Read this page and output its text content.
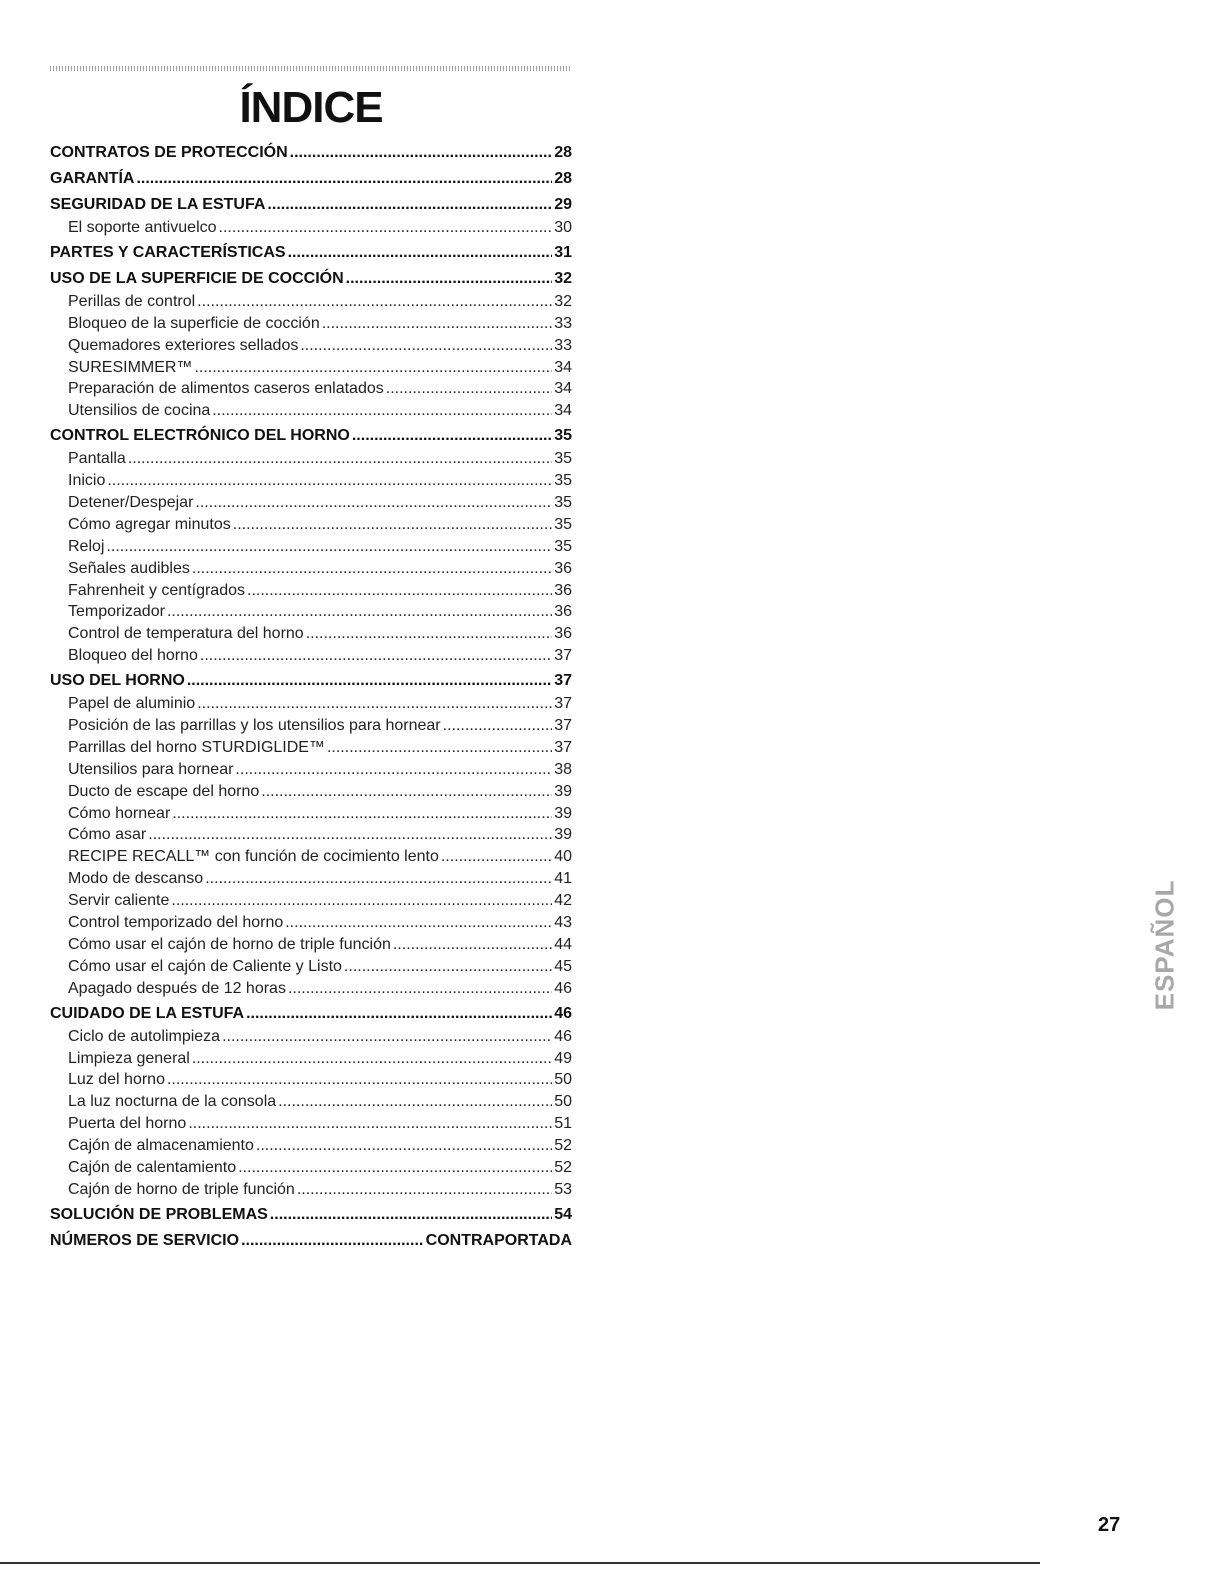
ÍNDICE
CONTRATOS DE PROTECCIÓN .....	28
GARANTÍA .....	28
SEGURIDAD DE LA ESTUFA .....	29
El soporte antivuelco .....	30
PARTES Y CARACTERÍSTICAS .....	31
USO DE LA SUPERFICIE DE COCCIÓN .....	32
Perillas de control .....	32
Bloqueo de la superficie de cocción .....	33
Quemadores exteriores sellados .....	33
SURESIMMER™ .....	34
Preparación de alimentos caseros enlatados .....	34
Utensilios de cocina .....	34
CONTROL ELECTRÓNICO DEL HORNO .....	35
Pantalla .....	35
Inicio .....	35
Detener/Despejar .....	35
Cómo agregar minutos .....	35
Reloj .....	35
Señales audibles .....	36
Fahrenheit y centígrados .....	36
Temporizador .....	36
Control de temperatura del horno .....	36
Bloqueo del horno .....	37
USO DEL HORNO .....	37
Papel de aluminio .....	37
Posición de las parrillas y los utensilios para hornear .....	37
Parrillas del horno STURDIGLIDE™ .....	37
Utensilios para hornear .....	38
Ducto de escape del horno .....	39
Cómo hornear .....	39
Cómo asar .....	39
RECIPE RECALL™ con función de cocimiento lento .....	40
Modo de descanso .....	41
Servir caliente .....	42
Control temporizado del horno .....	43
Cómo usar el cajón de horno de triple función .....	44
Cómo usar el cajón de Caliente y Listo .....	45
Apagado después de 12 horas .....	46
CUIDADO DE LA ESTUFA .....	46
Ciclo de autolimpieza .....	46
Limpieza general .....	49
Luz del horno .....	50
La luz nocturna de la consola .....	50
Puerta del horno .....	51
Cajón de almacenamiento .....	52
Cajón de calentamiento .....	52
Cajón de horno de triple función .....	53
SOLUCIÓN DE PROBLEMAS .....	54
NÚMEROS DE SERVICIO .....	CONTRAPORTADA
ESPAÑOL
27
